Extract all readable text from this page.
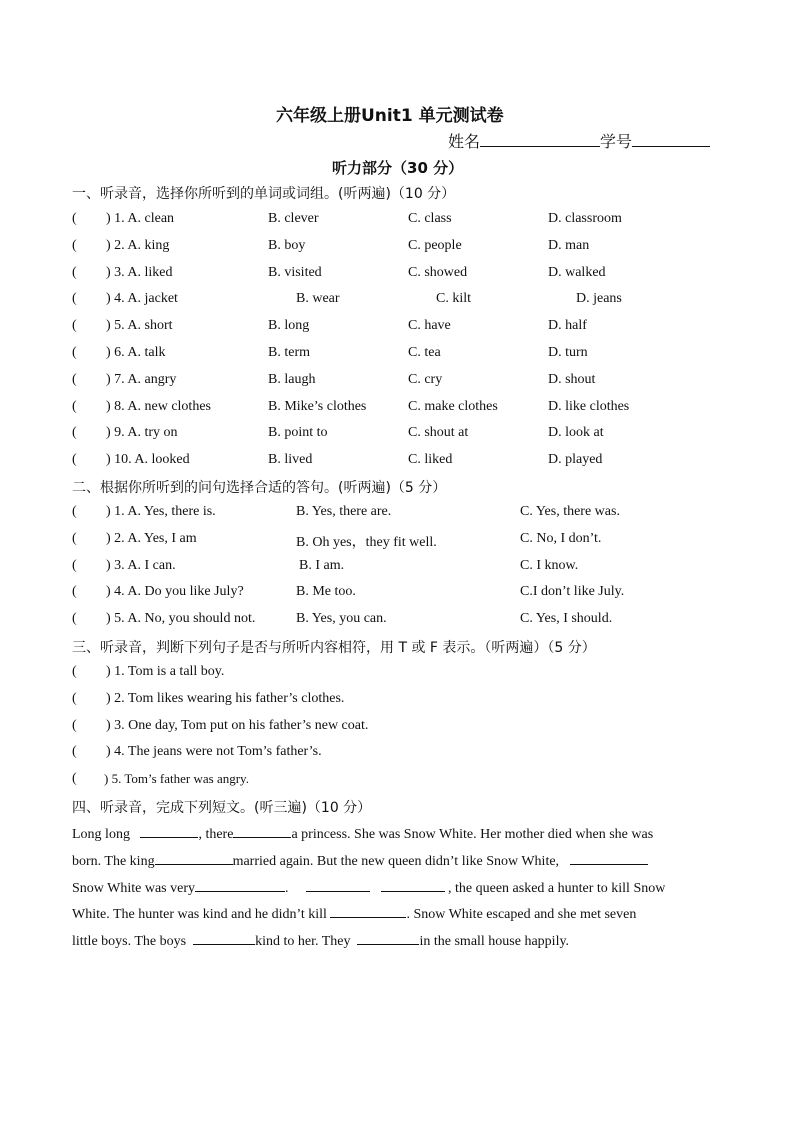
六年级上册Unit1 单元测试卷
姓名	学号
听力部分（30 分）
一、听录音，选择你所听到的单词或词组。(听两遍)（10 分）
( ) 1. A. clean	B. clever	C. class	D. classroom
( ) 2. A. king	B. boy	C. people	D. man
( ) 3. A. liked	B. visited	C. showed	D. walked
( ) 4. A. jacket	B. wear	C. kilt	D. jeans
( ) 5. A. short	B. long	C. have	D. half
( ) 6. A. talk	B. term	C. tea	D. turn
( ) 7. A. angry	B. laugh	C. cry	D. shout
( ) 8. A. new clothes	B. Mike’s clothes	C. make clothes	D. like clothes
( ) 9. A. try on	B. point to	C. shout at	D. look at
( ) 10. A. looked	B. lived	C. liked	D. played
二、根据你所听到的问句选择合适的答句。(听两遍)（5 分）
( ) 1. A. Yes, there is.	B. Yes, there are.	C. Yes, there was.
( ) 2. A. Yes, I am	B. Oh yes，they fit well.	C. No, I don’t.
( ) 3. A. I can.	B. I am.	C. I know.
( ) 4. A. Do you like July?	B. Me too.	C.I don’t like July.
( ) 5. A. No, you should not.	B. Yes, you can.	C. Yes, I should.
三、听录音，判断下列句子是否与所听内容相符，用 T 或 F 表示。（听两遍）（5 分）
( ) 1. Tom is a tall boy.
( ) 2. Tom likes wearing his father’s clothes.
( ) 3. One day, Tom put on his father’s new coat.
( ) 4. The jeans were not Tom’s father’s.
( ) 5. Tom’s father was angry.
四、听录音，完成下列短文。(听三遍)（10 分）
Long long	, there	a princess. She was Snow White. Her mother died when she was
born. The king	married again. But the new queen didn’t like Snow White,
Snow White was very	.	, the queen asked a hunter to kill Snow
White. The hunter was kind and he didn’t kill	. Snow White escaped and she met seven
little boys. The boys	kind to her. They	in the small house happily.
